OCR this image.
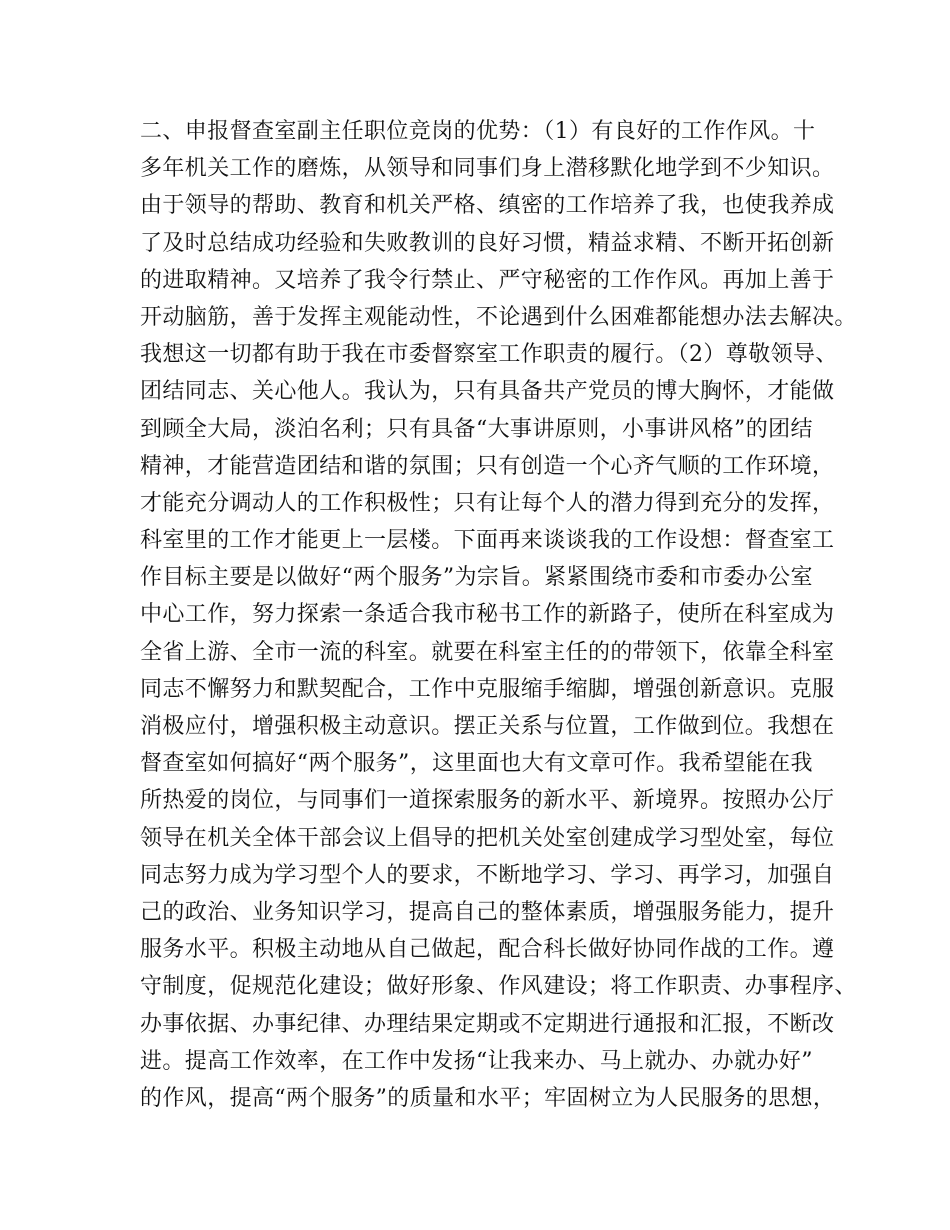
二、申报督查室副主任职位竞岗的优势：（1）有良好的工作作风。十
多年机关工作的磨炼，从领导和同事们身上潜移默化地学到不少知识。
由于领导的帮助、教育和机关严格、缜密的工作培养了我，也使我养成
了及时总结成功经验和失败教训的良好习惯，精益求精、不断开拓创新
的进取精神。又培养了我令行禁止、严守秘密的工作作风。再加上善于
开动脑筋，善于发挥主观能动性，不论遇到什么困难都能想办法去解决。
我想这一切都有助于我在市委督察室工作职责的履行。（2）尊敬领导、
团结同志、关心他人。我认为，只有具备共产党员的博大胸怀，才能做
到顾全大局，淡泊名利；只有具备“大事讲原则，小事讲风格”的团结
精神，才能营造团结和谐的氛围；只有创造一个心齐气顺的工作环境，
才能充分调动人的工作积极性；只有让每个人的潜力得到充分的发挥，
科室里的工作才能更上一层楼。下面再来谈谈我的工作设想：督查室工
作目标主要是以做好“两个服务”为宗旨。紧紧围绕市委和市委办公室
中心工作，努力探索一条适合我市秘书工作的新路子，使所在科室成为
全省上游、全市一流的科室。就要在科室主任的的带领下，依靠全科室
同志不懈努力和默契配合，工作中克服缩手缩脚，增强创新意识。克服
消极应付，增强积极主动意识。摆正关系与位置，工作做到位。我想在
督查室如何搞好“两个服务”，这里面也大有文章可作。我希望能在我
所热爱的岗位，与同事们一道探索服务的新水平、新境界。按照办公厅
领导在机关全体干部会议上倡导的把机关处室创建成学习型处室，每位
同志努力成为学习型个人的要求，不断地学习、学习、再学习，加强自
己的政治、业务知识学习，提高自己的整体素质，增强服务能力，提升
服务水平。积极主动地从自己做起，配合科长做好协同作战的工作。遵
守制度，促规范化建设；做好形象、作风建设；将工作职责、办事程序、
办事依据、办事纪律、办理结果定期或不定期进行通报和汇报，不断改
进。提高工作效率，在工作中发扬“让我来办、马上就办、办就办好”
的作风，提高“两个服务”的质量和水平；牢固树立为人民服务的思想，
